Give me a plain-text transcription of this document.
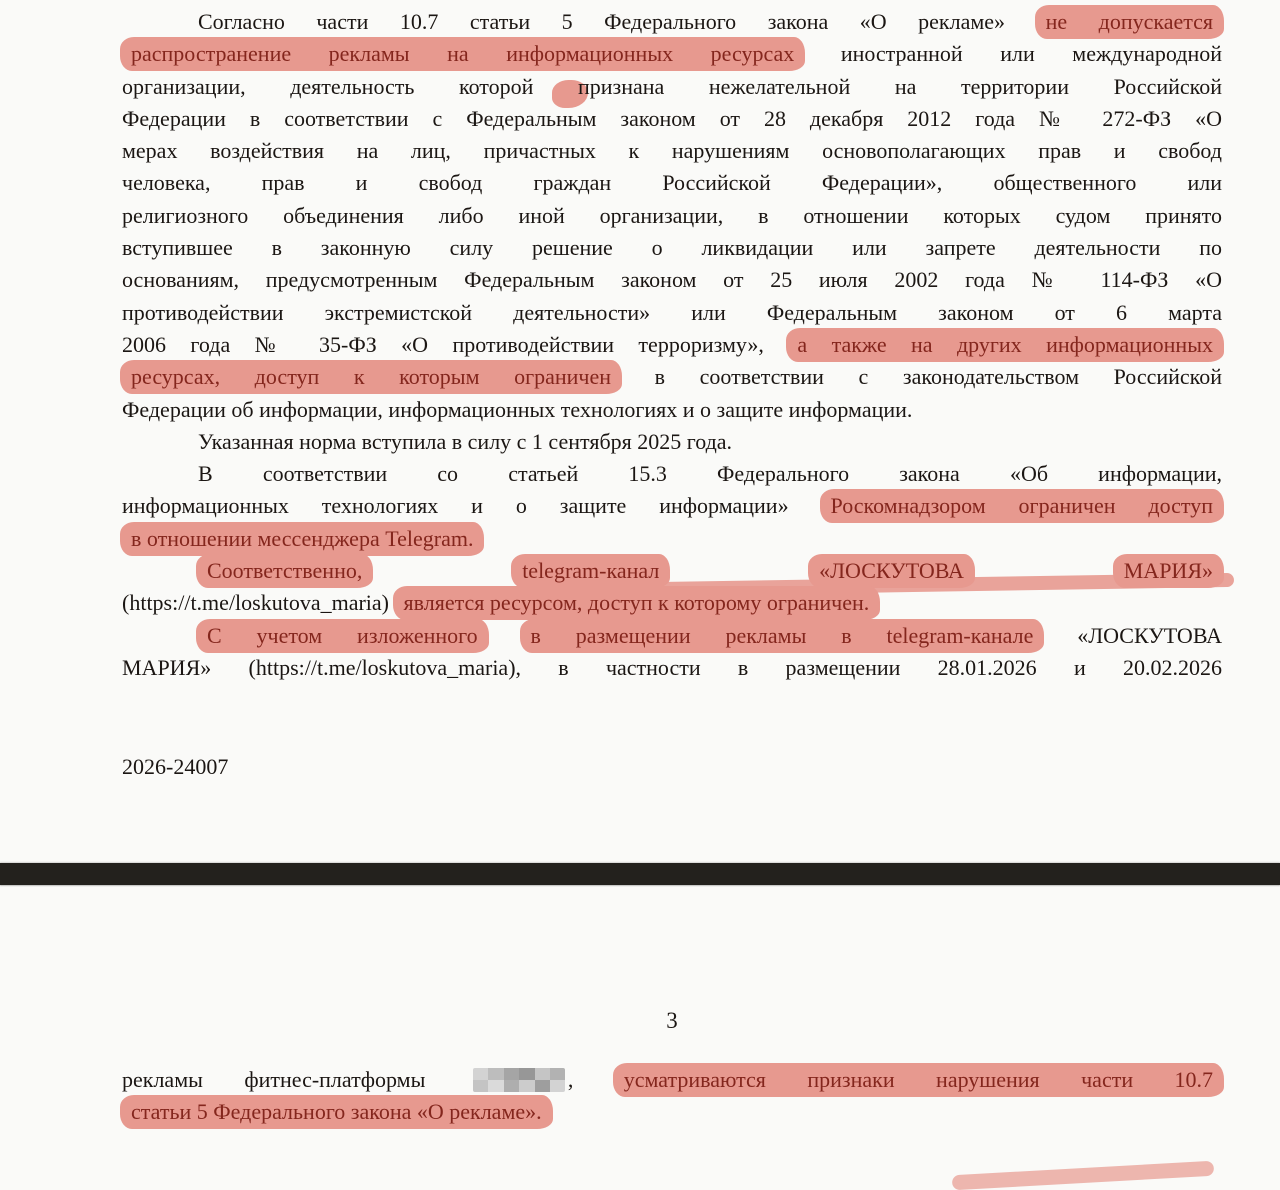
Согласно части 10.7 статьи 5 Федерального закона «О рекламе» не допускается
распространение рекламы на информационных ресурсах иностранной или международной
организации, деятельность которой признана нежелательной на территории Российской
Федерации в соответствии с Федеральным законом от 28 декабря 2012 года № 272-ФЗ «О
мерах воздействия на лиц, причастных к нарушениям основополагающих прав и свобод
человека, прав и свобод граждан Российской Федерации», общественного или
религиозного объединения либо иной организации, в отношении которых судом принято
вступившее в законную силу решение о ликвидации или запрете деятельности по
основаниям, предусмотренным Федеральным законом от 25 июля 2002 года № 114-ФЗ «О
противодействии экстремистской деятельности» или Федеральным законом от 6 марта
2006 года № 35-ФЗ «О противодействии терроризму», а также на других информационных
ресурсах, доступ к которым ограничен в соответствии с законодательством Российской
Федерации об информации, информационных технологиях и о защите информации.
Указанная норма вступила в силу с 1 сентября 2025 года.
В соответствии со статьей 15.3 Федерального закона «Об информации,
информационных технологиях и о защите информации» Роскомнадзором ограничен доступ
в отношении мессенджера Telegram.
Соответственно,	telegram-канал	«ЛОСКУТОВА	МАРИЯ»
(https://t.me/loskutova_maria) является ресурсом, доступ к которому ограничен.
С учетом изложенного в размещении рекламы в telegram-канале «ЛОСКУТОВА
МАРИЯ» (https://t.me/loskutova_maria), в частности в размещении 28.01.2026 и 20.02.2026
2026-24007
3
рекламы фитнес-платформы	, усматриваются признаки нарушения части 10.7
статьи 5 Федерального закона «О рекламе».
